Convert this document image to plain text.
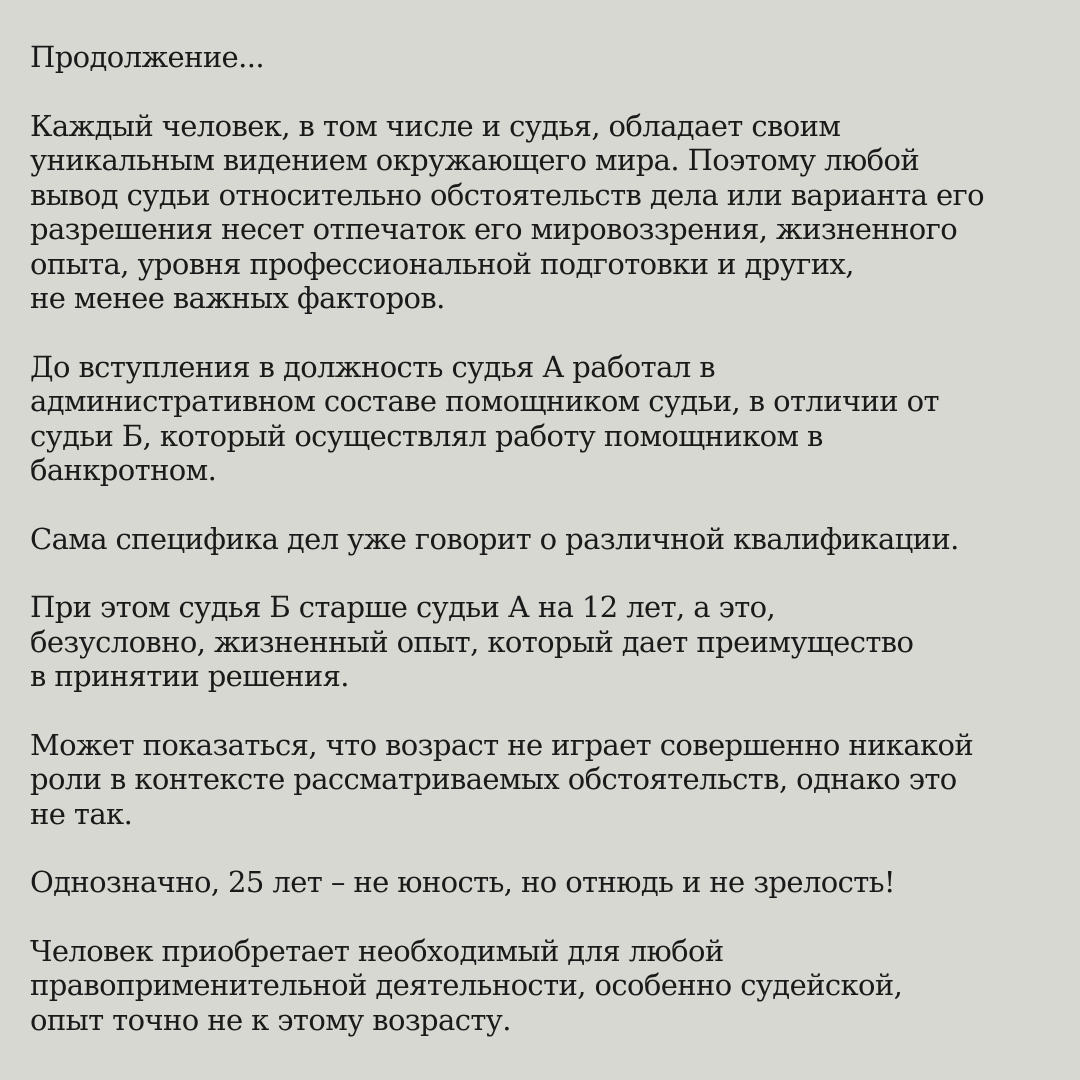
Продолжение...
Каждый человек, в том числе и судья, обладает своим
уникальным видением окружающего мира. Поэтому любой
вывод судьи относительно обстоятельств дела или варианта его
разрешения несет отпечаток его мировоззрения, жизненного
опыта, уровня профессиональной подготовки и других,
не менее важных факторов.
До вступления в должность судья А работал в
административном составе помощником судьи, в отличии от
судьи Б, который осуществлял работу помощником в
банкротном.
Сама специфика дел уже говорит о различной квалификации.
При этом судья Б старше судьи А на 12 лет, а это,
безусловно, жизненный опыт, который дает преимущество
в принятии решения.
Может показаться, что возраст не играет совершенно никакой
роли в контексте рассматриваемых обстоятельств, однако это
не так.
Однозначно, 25 лет – не юность, но отнюдь и не зрелость!
Человек приобретает необходимый для любой
правоприменительной деятельности, особенно судейской,
опыт точно не к этому возрасту.
